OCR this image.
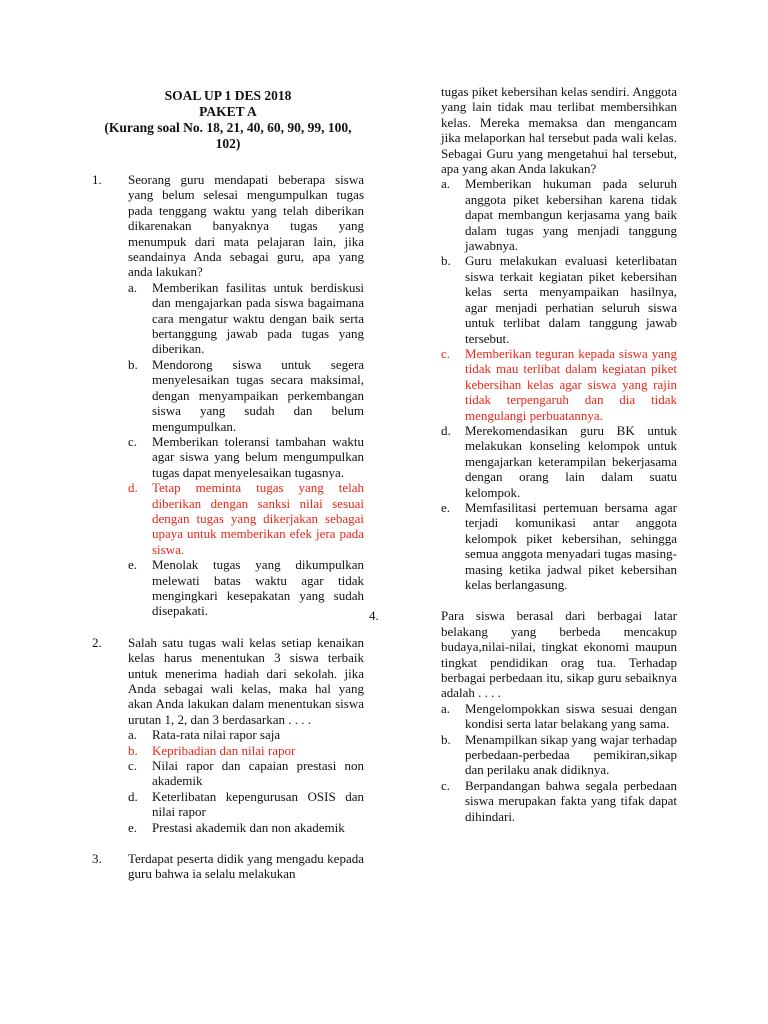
SOAL UP 1 DES 2018
PAKET A
(Kurang soal No. 18, 21, 40, 60, 90, 99, 100,
102)
1. Seorang guru mendapati beberapa siswa yang belum selesai mengumpulkan tugas pada tenggang waktu yang telah diberikan dikarenakan banyaknya tugas yang menumpuk dari mata pelajaran lain, jika seandainya Anda sebagai guru, apa yang anda lakukan?
a. Memberikan fasilitas untuk berdiskusi dan mengajarkan pada siswa bagaimana cara mengatur waktu dengan baik serta bertanggung jawab pada tugas yang diberikan.
b. Mendorong siswa untuk segera menyelesaikan tugas secara maksimal, dengan menyampaikan perkembangan siswa yang sudah dan belum mengumpulkan.
c. Memberikan toleransi tambahan waktu agar siswa yang belum mengumpulkan tugas dapat menyelesaikan tugasnya.
d. Tetap meminta tugas yang telah diberikan dengan sanksi nilai sesuai dengan tugas yang dikerjakan sebagai upaya untuk memberikan efek jera pada siswa.
e. Menolak tugas yang dikumpulkan melewati batas waktu agar tidak mengingkari kesepakatan yang sudah disepakati.
2. Salah satu tugas wali kelas setiap kenaikan kelas harus menentukan 3 siswa terbaik untuk menerima hadiah dari sekolah. jika Anda sebagai wali kelas, maka hal yang akan Anda lakukan dalam menentukan siswa urutan 1, 2, dan 3 berdasarkan . . . .
a. Rata-rata nilai rapor saja
b. Kepribadian dan nilai rapor
c. Nilai rapor dan capaian prestasi non akademik
d. Keterlibatan kepengurusan OSIS dan nilai rapor
e. Prestasi akademik dan non akademik
3. Terdapat peserta didik yang mengadu kepada guru bahwa ia selalu melakukan
tugas piket kebersihan kelas sendiri. Anggota yang lain tidak mau terlibat membersihkan kelas. Mereka memaksa dan mengancam jika melaporkan hal tersebut pada wali kelas. Sebagai Guru yang mengetahui hal tersebut, apa yang akan Anda lakukan?
a. Memberikan hukuman pada seluruh anggota piket kebersihan karena tidak dapat membangun kerjasama yang baik dalam tugas yang menjadi tanggung jawabnya.
b. Guru melakukan evaluasi keterlibatan siswa terkait kegiatan piket kebersihan kelas serta menyampaikan hasilnya, agar menjadi perhatian seluruh siswa untuk terlibat dalam tanggung jawab tersebut.
c. Memberikan teguran kepada siswa yang tidak mau terlibat dalam kegiatan piket kebersihan kelas agar siswa yang rajin tidak terpengaruh dan dia tidak mengulangi perbuatannya.
d. Merekomendasikan guru BK untuk melakukan konseling kelompok untuk mengajarkan keterampilan bekerjasama dengan orang lain dalam suatu kelompok.
e. Memfasilitasi pertemuan bersama agar terjadi komunikasi antar anggota kelompok piket kebersihan, sehingga semua anggota menyadari tugas masing-masing ketika jadwal piket kebersihan kelas berlangasung.
4.	Para siswa berasal dari berbagai latar belakang yang berbeda mencakup budaya,nilai-nilai, tingkat ekonomi maupun tingkat pendidikan orag tua. Terhadap berbagai perbedaan itu, sikap guru sebaiknya adalah . . . .
a. Mengelompokkan siswa sesuai dengan kondisi serta latar belakang yang sama.
b. Menampilkan sikap yang wajar terhadap perbedaan-perbedaa pemikiran,sikap dan perilaku anak didiknya.
c. Berpandangan bahwa segala perbedaan siswa merupakan fakta yang tifak dapat dihindari.
